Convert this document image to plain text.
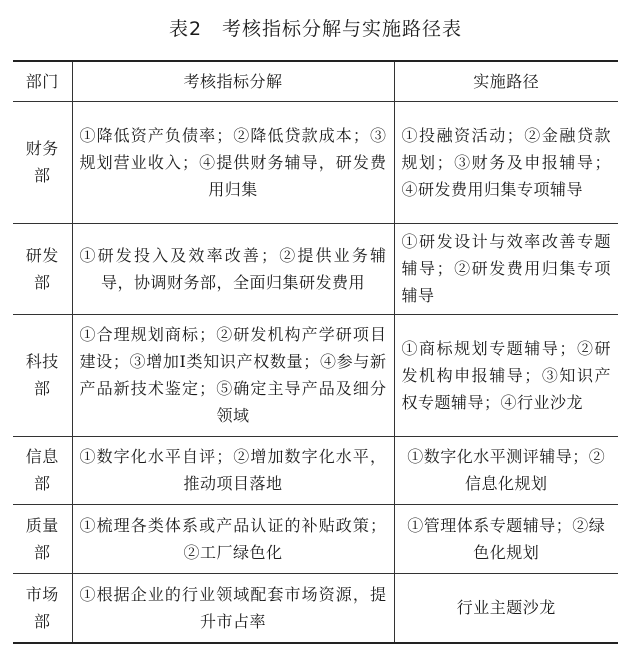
表2　考核指标分解与实施路径表
部门	考核指标分解	实施路径
财务部	①降低资产负债率；②降低贷款成本；③规划营业收入；④提供财务辅导，研发费用归集	①投融资活动；②金融贷款规划；③财务及申报辅导；④研发费用归集专项辅导
研发部	①研发投入及效率改善；②提供业务辅导，协调财务部，全面归集研发费用	①研发设计与效率改善专题辅导；②研发费用归集专项辅导
科技部	①合理规划商标；②研发机构产学研项目建设；③增加Ⅰ类知识产权数量；④参与新产品新技术鉴定；⑤确定主导产品及细分领域	①商标规划专题辅导；②研发机构申报辅导；③知识产权专题辅导；④行业沙龙
信息部	①数字化水平自评；②增加数字化水平，推动项目落地	①数字化水平测评辅导；②信息化规划
质量部	①梳理各类体系或产品认证的补贴政策；②工厂绿色化	①管理体系专题辅导；②绿色化规划
市场部	①根据企业的行业领域配套市场资源，提升市占率	行业主题沙龙
